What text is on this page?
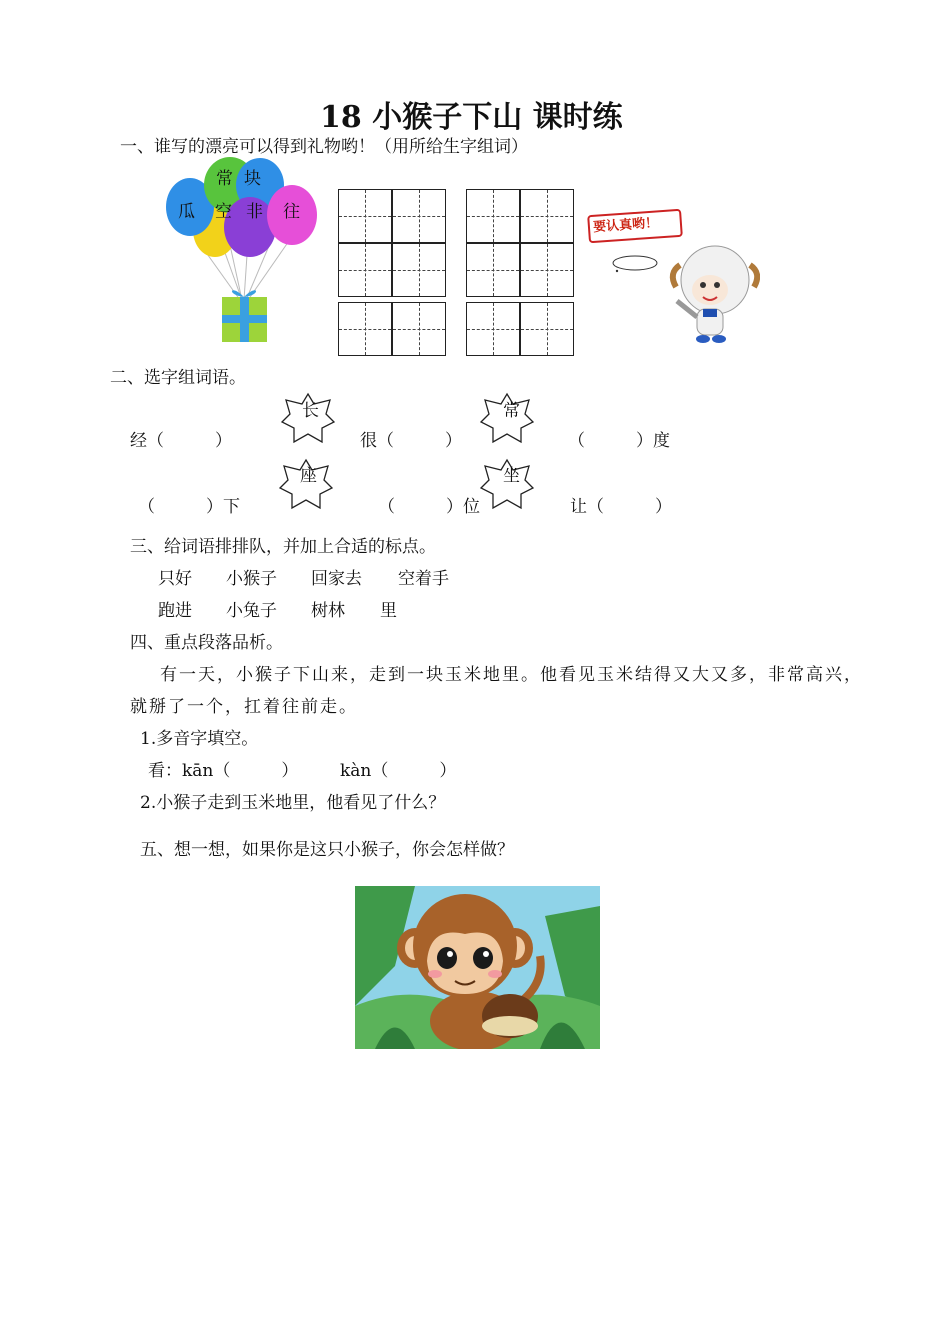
18 小猴子下山 课时练
一、谁写的漂亮可以得到礼物哟！（用所给生字组词）
常 块
瓜 空 非 往
要认真哟！
二、选字组词语。
长	常
经（　　　）	很（　　　）	（　　　）度
座	坐
（　　　）下	（　　　）位	让（　　　）
三、给词语排排队，并加上合适的标点。
只好 小猴子 回家去 空着手
跑进 小兔子 树林 里
四、重点段落品析。
有一天，小猴子下山来，走到一块玉米地里。他看见玉米结得又大又多，非常高兴，
就掰了一个，扛着往前走。
1.多音字填空。
看：kān（　　　） kàn（　　　）
2.小猴子走到玉米地里，他看见了什么？
五、想一想，如果你是这只小猴子，你会怎样做？
